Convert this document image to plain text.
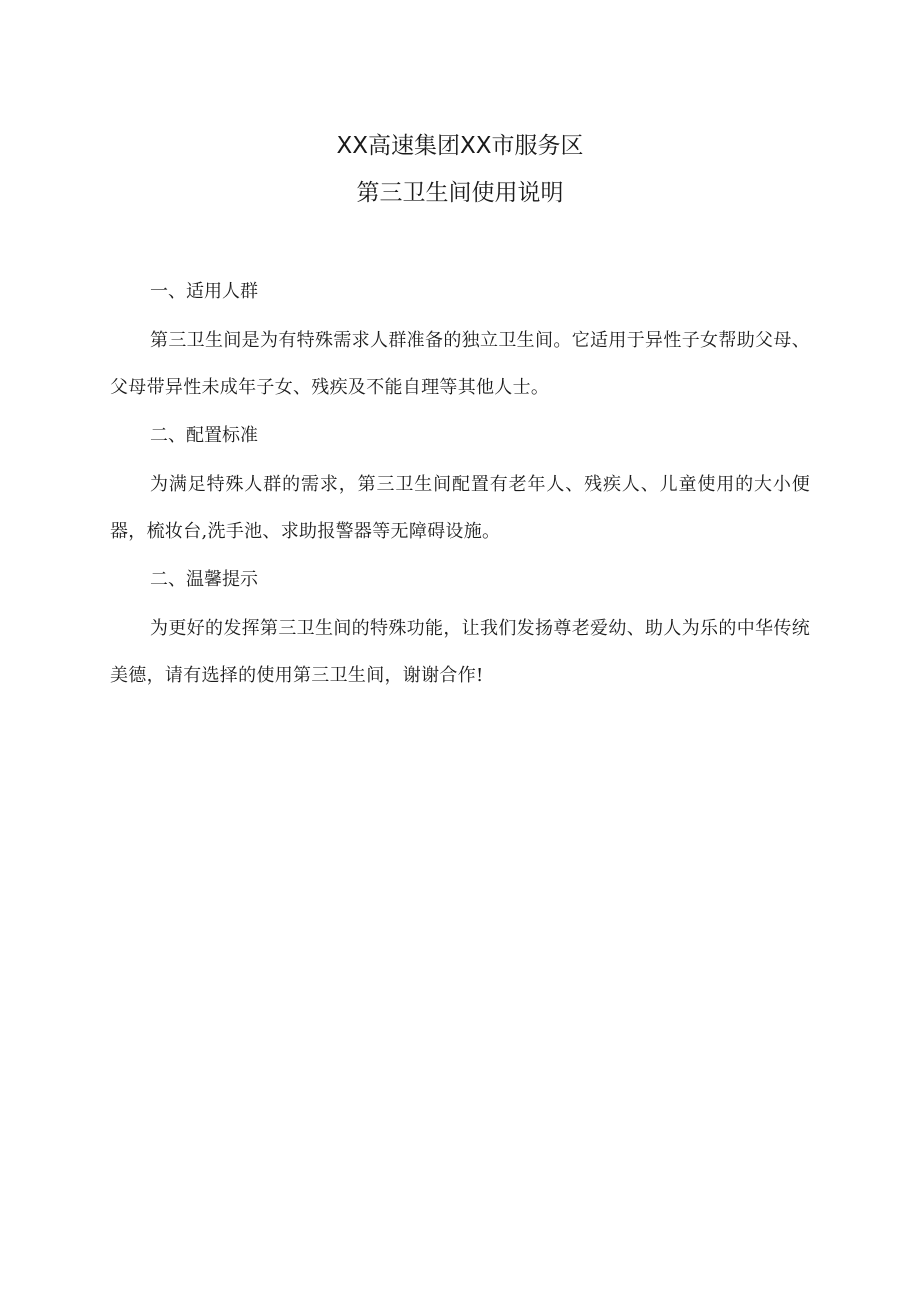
XX高速集团XX市服务区
第三卫生间使用说明
一、适用人群
第三卫生间是为有特殊需求人群准备的独立卫生间。它适用于异性子女帮助父母、父母带异性未成年子女、残疾及不能自理等其他人士。
二、配置标准
为满足特殊人群的需求，第三卫生间配置有老年人、残疾人、儿童使用的大小便器，梳妆台,洗手池、求助报警器等无障碍设施。
二、温馨提示
为更好的发挥第三卫生间的特殊功能，让我们发扬尊老爱幼、助人为乐的中华传统美德，请有选择的使用第三卫生间，谢谢合作!
